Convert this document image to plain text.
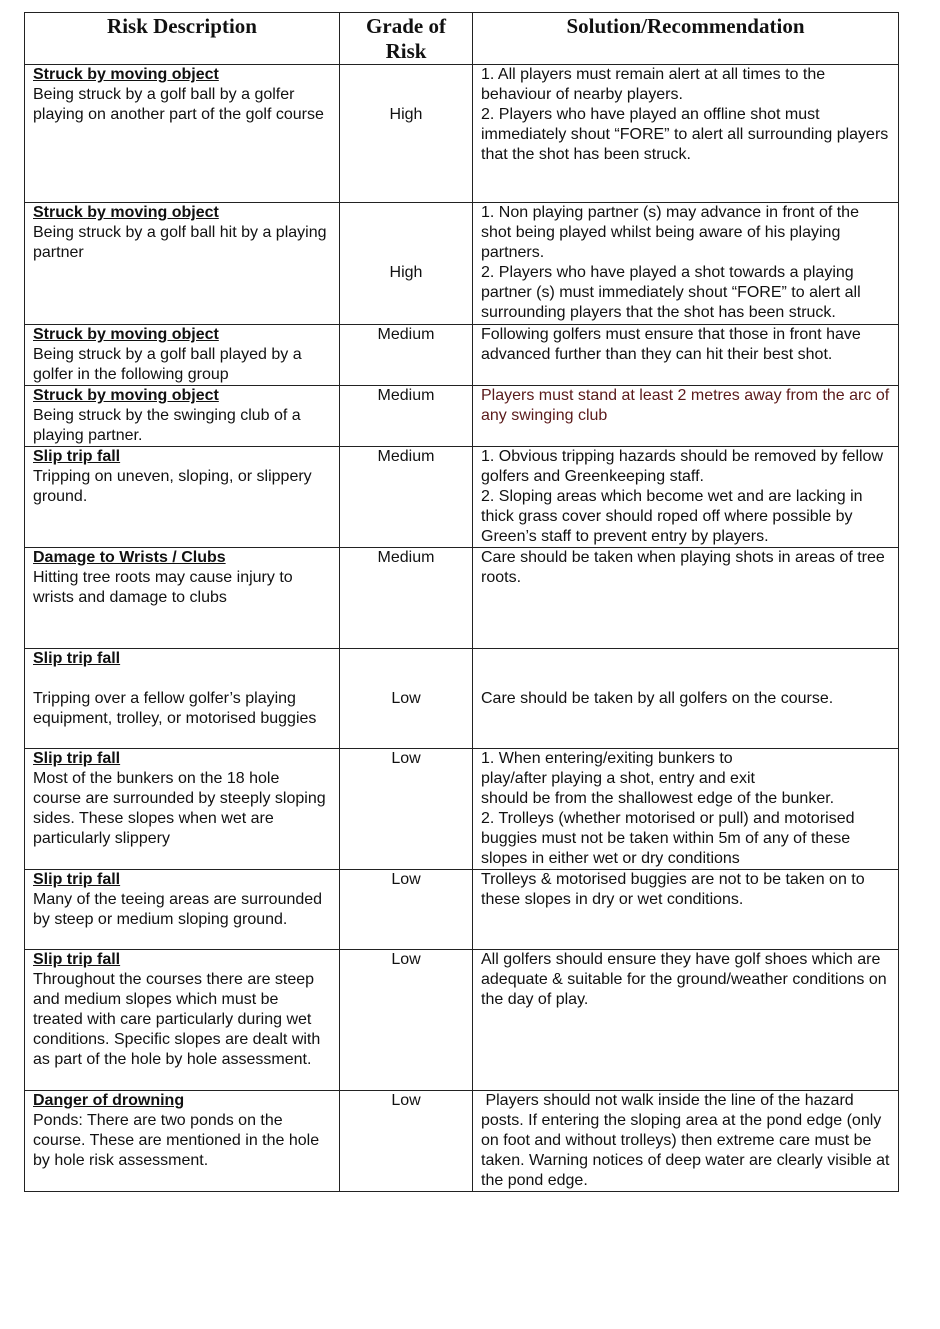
Risk Description	Grade of Risk	Solution/Recommendation

Struck by moving object
Being struck by a golf ball by a golfer playing on another part of the golf course	High	1. All players must remain alert at all times to the behaviour of nearby players.
2. Players who have played an offline shot must immediately shout “FORE” to alert all surrounding players that the shot has been struck.

Struck by moving object
Being struck by a golf ball hit by a playing partner	High	1. Non playing partner (s) may advance in front of the shot being played whilst being aware of his playing partners.
2. Players who have played a shot towards a playing partner (s) must immediately shout “FORE” to alert all surrounding players that the shot has been struck.

Struck by moving object
Being struck by a golf ball played by a golfer in the following group	Medium	Following golfers must ensure that those in front have advanced further than they can hit their best shot.

Struck by moving object
Being struck by the swinging club of a playing partner.	Medium	Players must stand at least 2 metres away from the arc of any swinging club

Slip trip fall
Tripping on uneven, sloping, or slippery ground.	Medium	1. Obvious tripping hazards should be removed by fellow golfers and Greenkeeping staff.
2. Sloping areas which become wet and are lacking in thick grass cover should roped off where possible by Green’s staff to prevent entry by players.

Damage to Wrists / Clubs
Hitting tree roots may cause injury to wrists and damage to clubs	Medium	Care should be taken when playing shots in areas of tree roots.

Slip trip fall
Tripping over a fellow golfer’s playing equipment, trolley, or motorised buggies	Low	Care should be taken by all golfers on the course.

Slip trip fall
Most of the bunkers on the 18 hole course are surrounded by steeply sloping sides. These slopes when wet are particularly slippery	Low	1. When entering/exiting bunkers to
play/after playing a shot, entry and exit
should be from the shallowest edge of the bunker.
2. Trolleys (whether motorised or pull) and motorised buggies must not be taken within 5m of any of these slopes in either wet or dry conditions

Slip trip fall
Many of the teeing areas are surrounded by steep or medium sloping ground.	Low	Trolleys & motorised buggies are not to be taken on to these slopes in dry or wet conditions.

Slip trip fall
Throughout the courses there are steep and medium slopes which must be treated with care particularly during wet conditions. Specific slopes are dealt with as part of the hole by hole assessment.	Low	All golfers should ensure they have golf shoes which are adequate & suitable for the ground/weather conditions on the day of play.

Danger of drowning
Ponds: There are two ponds on the course. These are mentioned in the hole by hole risk assessment.	Low	Players should not walk inside the line of the hazard posts. If entering the sloping area at the pond edge (only on foot and without trolleys) then extreme care must be taken. Warning notices of deep water are clearly visible at the pond edge.
